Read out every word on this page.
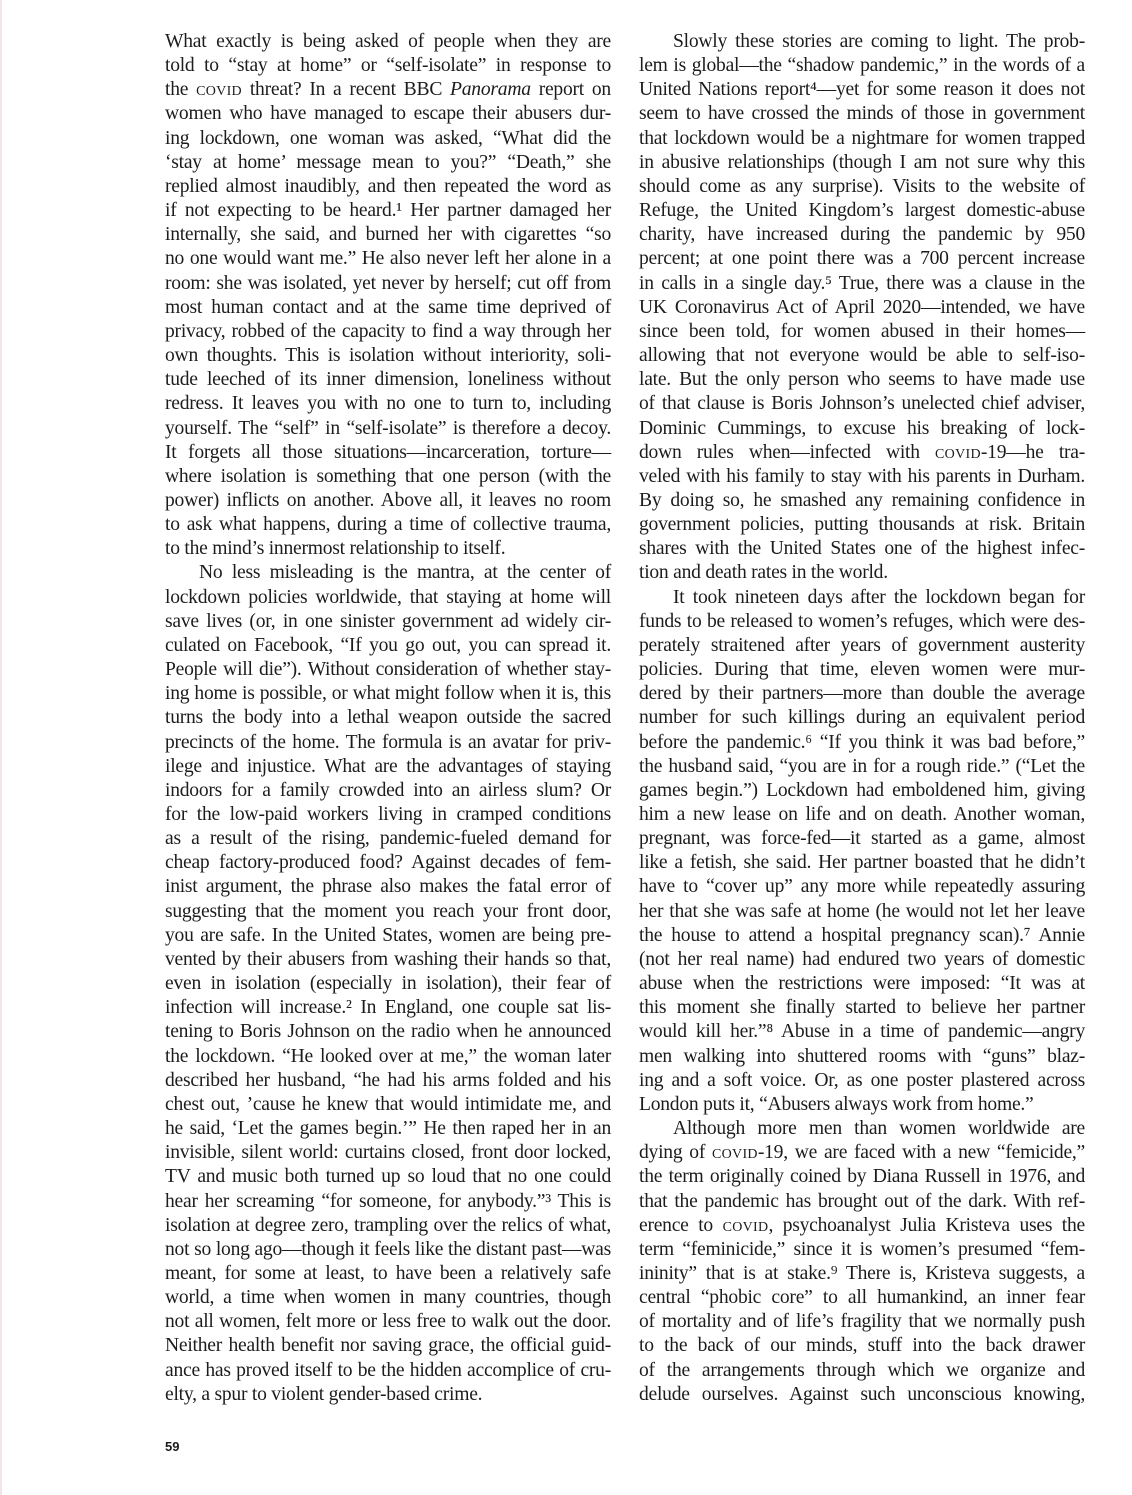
What exactly is being asked of people when they are
told to “stay at home” or “self-isolate” in response to
the covid threat? In a recent BBC Panorama report on
women who have managed to escape their abusers dur-
ing lockdown, one woman was asked, “What did the
‘stay at home’ message mean to you?” “Death,” she
replied almost inaudibly, and then repeated the word as
if not expecting to be heard.¹ Her partner damaged her
internally, she said, and burned her with cigarettes “so
no one would want me.” He also never left her alone in a
room: she was isolated, yet never by herself; cut off from
most human contact and at the same time deprived of
privacy, robbed of the capacity to find a way through her
own thoughts. This is isolation without interiority, soli-
tude leeched of its inner dimension, loneliness without
redress. It leaves you with no one to turn to, including
yourself. The “self” in “self-isolate” is therefore a decoy.
It forgets all those situations—incarceration, torture—
where isolation is something that one person (with the
power) inflicts on another. Above all, it leaves no room
to ask what happens, during a time of collective trauma,
to the mind’s innermost relationship to itself.
No less misleading is the mantra, at the center of
lockdown policies worldwide, that staying at home will
save lives (or, in one sinister government ad widely cir-
culated on Facebook, “If you go out, you can spread it.
People will die”). Without consideration of whether stay-
ing home is possible, or what might follow when it is, this
turns the body into a lethal weapon outside the sacred
precincts of the home. The formula is an avatar for priv-
ilege and injustice. What are the advantages of staying
indoors for a family crowded into an airless slum? Or
for the low-paid workers living in cramped conditions
as a result of the rising, pandemic-fueled demand for
cheap factory-produced food? Against decades of fem-
inist argument, the phrase also makes the fatal error of
suggesting that the moment you reach your front door,
you are safe. In the United States, women are being pre-
vented by their abusers from washing their hands so that,
even in isolation (especially in isolation), their fear of
infection will increase.² In England, one couple sat lis-
tening to Boris Johnson on the radio when he announced
the lockdown. “He looked over at me,” the woman later
described her husband, “he had his arms folded and his
chest out, ’cause he knew that would intimidate me, and
he said, ‘Let the games begin.’” He then raped her in an
invisible, silent world: curtains closed, front door locked,
TV and music both turned up so loud that no one could
hear her screaming “for someone, for anybody.”³ This is
isolation at degree zero, trampling over the relics of what,
not so long ago—though it feels like the distant past—was
meant, for some at least, to have been a relatively safe
world, a time when women in many countries, though
not all women, felt more or less free to walk out the door.
Neither health benefit nor saving grace, the official guid-
ance has proved itself to be the hidden accomplice of cru-
elty, a spur to violent gender-based crime.
Slowly these stories are coming to light. The prob-
lem is global—the “shadow pandemic,” in the words of a
United Nations report⁴—yet for some reason it does not
seem to have crossed the minds of those in government
that lockdown would be a nightmare for women trapped
in abusive relationships (though I am not sure why this
should come as any surprise). Visits to the website of
Refuge, the United Kingdom’s largest domestic-abuse
charity, have increased during the pandemic by 950
percent; at one point there was a 700 percent increase
in calls in a single day.⁵ True, there was a clause in the
UK Coronavirus Act of April 2020—intended, we have
since been told, for women abused in their homes—
allowing that not everyone would be able to self-iso-
late. But the only person who seems to have made use
of that clause is Boris Johnson’s unelected chief adviser,
Dominic Cummings, to excuse his breaking of lock-
down rules when—infected with covid-19—he tra-
veled with his family to stay with his parents in Durham.
By doing so, he smashed any remaining confidence in
government policies, putting thousands at risk. Britain
shares with the United States one of the highest infec-
tion and death rates in the world.
It took nineteen days after the lockdown began for
funds to be released to women’s refuges, which were des-
perately straitened after years of government austerity
policies. During that time, eleven women were mur-
dered by their partners—more than double the average
number for such killings during an equivalent period
before the pandemic.⁶ “If you think it was bad before,”
the husband said, “you are in for a rough ride.” (“Let the
games begin.”) Lockdown had emboldened him, giving
him a new lease on life and on death. Another woman,
pregnant, was force-fed—it started as a game, almost
like a fetish, she said. Her partner boasted that he didn’t
have to “cover up” any more while repeatedly assuring
her that she was safe at home (he would not let her leave
the house to attend a hospital pregnancy scan).⁷ Annie
(not her real name) had endured two years of domestic
abuse when the restrictions were imposed: “It was at
this moment she finally started to believe her partner
would kill her.”⁸ Abuse in a time of pandemic—angry
men walking into shuttered rooms with “guns” blaz-
ing and a soft voice. Or, as one poster plastered across
London puts it, “Abusers always work from home.”
Although more men than women worldwide are
dying of covid-19, we are faced with a new “femicide,”
the term originally coined by Diana Russell in 1976, and
that the pandemic has brought out of the dark. With ref-
erence to covid, psychoanalyst Julia Kristeva uses the
term “feminicide,” since it is women’s presumed “fem-
ininity” that is at stake.⁹ There is, Kristeva suggests, a
central “phobic core” to all humankind, an inner fear
of mortality and of life’s fragility that we normally push
to the back of our minds, stuff into the back drawer
of the arrangements through which we organize and
delude ourselves. Against such unconscious knowing,
59
